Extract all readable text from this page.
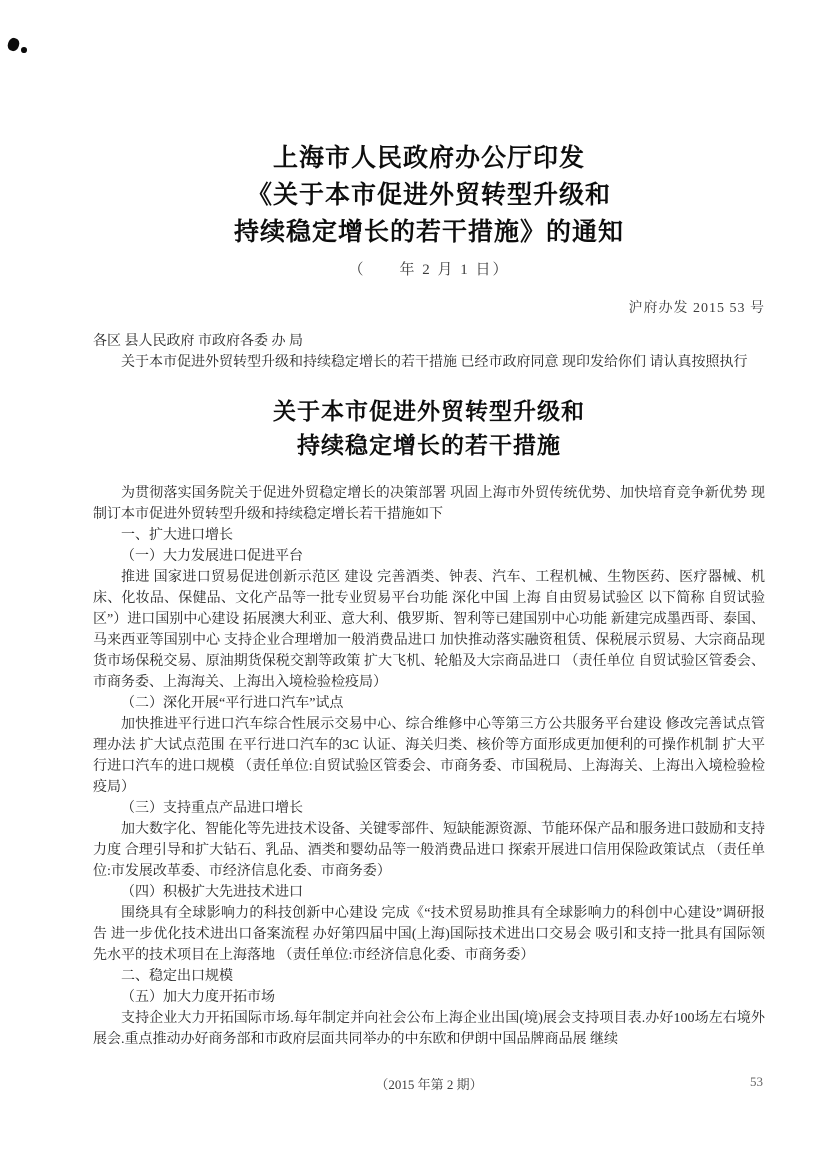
上海市人民政府办公厅印发
《关于本市促进外贸转型升级和
持续稳定增长的若干措施》的通知
（　　年 2 月 1 日）
沪府办发 2015 53 号
各区 县人民政府 市政府各委 办 局

关于本市促进外贸转型升级和持续稳定增长的若干措施 已经市政府同意 现印发给你们 请认真按照执行

关于本市促进外贸转型升级和
持续稳定增长的若干措施

为贯彻落实国务院关于促进外贸稳定增长的决策部署 巩固上海市外贸传统优势、加快培育竞争新优势 现制订本市促进外贸转型升级和持续稳定增长若干措施如下

一、扩大进口增长

（一）大力发展进口促进平台

推进 国家进口贸易促进创新示范区 建设 完善酒类、钟表、汽车、工程机械、生物医药、医疗器械、机床、化妆品、保健品、文化产品等一批专业贸易平台功能 深化中国 上海 自由贸易试验区 以下简称 自贸试验区”）进口国别中心建设 拓展澳大利亚、意大利、俄罗斯、智利等已建国别中心功能 新建完成墨西哥、泰国、马来西亚等国别中心 支持企业合理增加一般消费品进口 加快推动落实融资租赁、保税展示贸易、大宗商品现货市场保税交易、原油期货保税交割等政策 扩大飞机、轮船及大宗商品进口 （责任单位 自贸试验区管委会、市商务委、上海海关、上海出入境检验检疫局）

（二）深化开展“平行进口汽车”试点

加快推进平行进口汽车综合性展示交易中心、综合维修中心等第三方公共服务平台建设 修改完善试点管理办法 扩大试点范围 在平行进口汽车的3C 认证、海关归类、核价等方面形成更加便利的可操作机制 扩大平行进口汽车的进口规模 （责任单位:自贸试验区管委会、市商务委、市国税局、上海海关、上海出入境检验检疫局）

（三）支持重点产品进口增长

加大数字化、智能化等先进技术设备、关键零部件、短缺能源资源、节能环保产品和服务进口鼓励和支持力度 合理引导和扩大钻石、乳品、酒类和婴幼品等一般消费品进口 探索开展进口信用保险政策试点 （责任单位:市发展改革委、市经济信息化委、市商务委）

（四）积极扩大先进技术进口

围绕具有全球影响力的科技创新中心建设 完成《“技术贸易助推具有全球影响力的科创中心建设”调研报告 进一步优化技术进出口备案流程 办好第四届中国(上海)国际技术进出口交易会 吸引和支持一批具有国际领先水平的技术项目在上海落地 （责任单位:市经济信息化委、市商务委）

二、稳定出口规模

（五）加大力度开拓市场

支持企业大力开拓国际市场.每年制定并向社会公布上海企业出国(境)展会支持项目表.办好100场左右境外展会.重点推动办好商务部和市政府层面共同举办的中东欧和伊朗中国品牌商品展 继续

（2015 年第 2 期）	53
